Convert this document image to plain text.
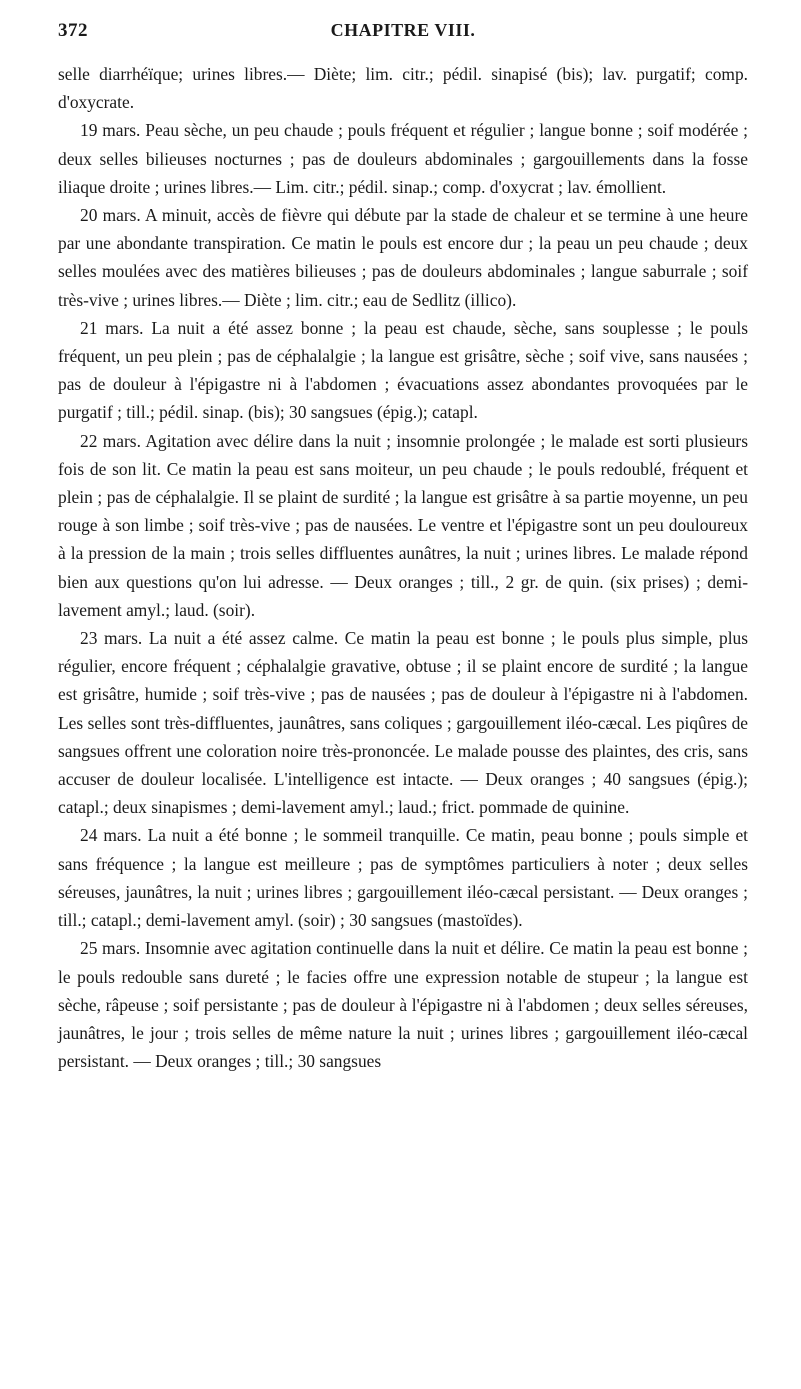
372	CHAPITRE VIII.

selle diarrhéïque; urines libres.— Diète; lim. citr.; pédil. sinapisé (bis); lav. purgatif; comp. d'oxycrate.

19 mars. Peau sèche, un peu chaude ; pouls fréquent et régulier ; langue bonne ; soif modérée ; deux selles bilieuses nocturnes ; pas de douleurs abdominales ; gargouillements dans la fosse iliaque droite ; urines libres.— Lim. citr.; pédil. sinap.; comp. d'oxycrat ; lav. émollient.

20 mars. A minuit, accès de fièvre qui débute par la stade de chaleur et se termine à une heure par une abondante transpiration. Ce matin le pouls est encore dur ; la peau un peu chaude ; deux selles moulées avec des matières bilieuses ; pas de douleurs abdominales ; langue saburrale ; soif très-vive ; urines libres.— Diète ; lim. citr.; eau de Sedlitz (illico).

21 mars. La nuit a été assez bonne ; la peau est chaude, sèche, sans souplesse ; le pouls fréquent, un peu plein ; pas de céphalalgie ; la langue est grisâtre, sèche ; soif vive, sans nausées ; pas de douleur à l'épigastre ni à l'abdomen ; évacuations assez abondantes provoquées par le purgatif ; till.; pédil. sinap. (bis); 30 sangsues (épig.); catapl.

22 mars. Agitation avec délire dans la nuit ; insomnie prolongée ; le malade est sorti plusieurs fois de son lit. Ce matin la peau est sans moiteur, un peu chaude ; le pouls redoublé, fréquent et plein ; pas de céphalalgie. Il se plaint de surdité ; la langue est grisâtre à sa partie moyenne, un peu rouge à son limbe ; soif très-vive ; pas de nausées. Le ventre et l'épigastre sont un peu douloureux à la pression de la main ; trois selles diffluentes aunâtres, la nuit ; urines libres. Le malade répond bien aux questions qu'on lui adresse. — Deux oranges ; till., 2 gr. de quin. (six prises) ; demi-lavement amyl.; laud. (soir).

23 mars. La nuit a été assez calme. Ce matin la peau est bonne ; le pouls plus simple, plus régulier, encore fréquent ; céphalalgie gravative, obtuse ; il se plaint encore de surdité ; la langue est grisâtre, humide ; soif très-vive ; pas de nausées ; pas de douleur à l'épigastre ni à l'abdomen. Les selles sont très-diffluentes, jaunâtres, sans coliques ; gargouillement iléo-cæcal. Les piqûres de sangsues offrent une coloration noire très-prononcée. Le malade pousse des plaintes, des cris, sans accuser de douleur localisée. L'intelligence est intacte. — Deux oranges ; 40 sangsues (épig.); catapl.; deux sinapismes ; demi-lavement amyl.; laud.; frict. pommade de quinine.

24 mars. La nuit a été bonne ; le sommeil tranquille. Ce matin, peau bonne ; pouls simple et sans fréquence ; la langue est meilleure ; pas de symptômes particuliers à noter ; deux selles séreuses, jaunâtres, la nuit ; urines libres ; gargouillement iléo-cæcal persistant. — Deux oranges ; till.; catapl.; demi-lavement amyl. (soir) ; 30 sangsues (mastoïdes).

25 mars. Insomnie avec agitation continuelle dans la nuit et délire. Ce matin la peau est bonne ; le pouls redouble sans dureté ; le facies offre une expression notable de stupeur ; la langue est sèche, râpeuse ; soif persistante ; pas de douleur à l'épigastre ni à l'abdomen ; deux selles séreuses, jaunâtres, le jour ; trois selles de même nature la nuit ; urines libres ; gargouillement iléo-cæcal persistant. — Deux oranges ; till.; 30 sangsues
